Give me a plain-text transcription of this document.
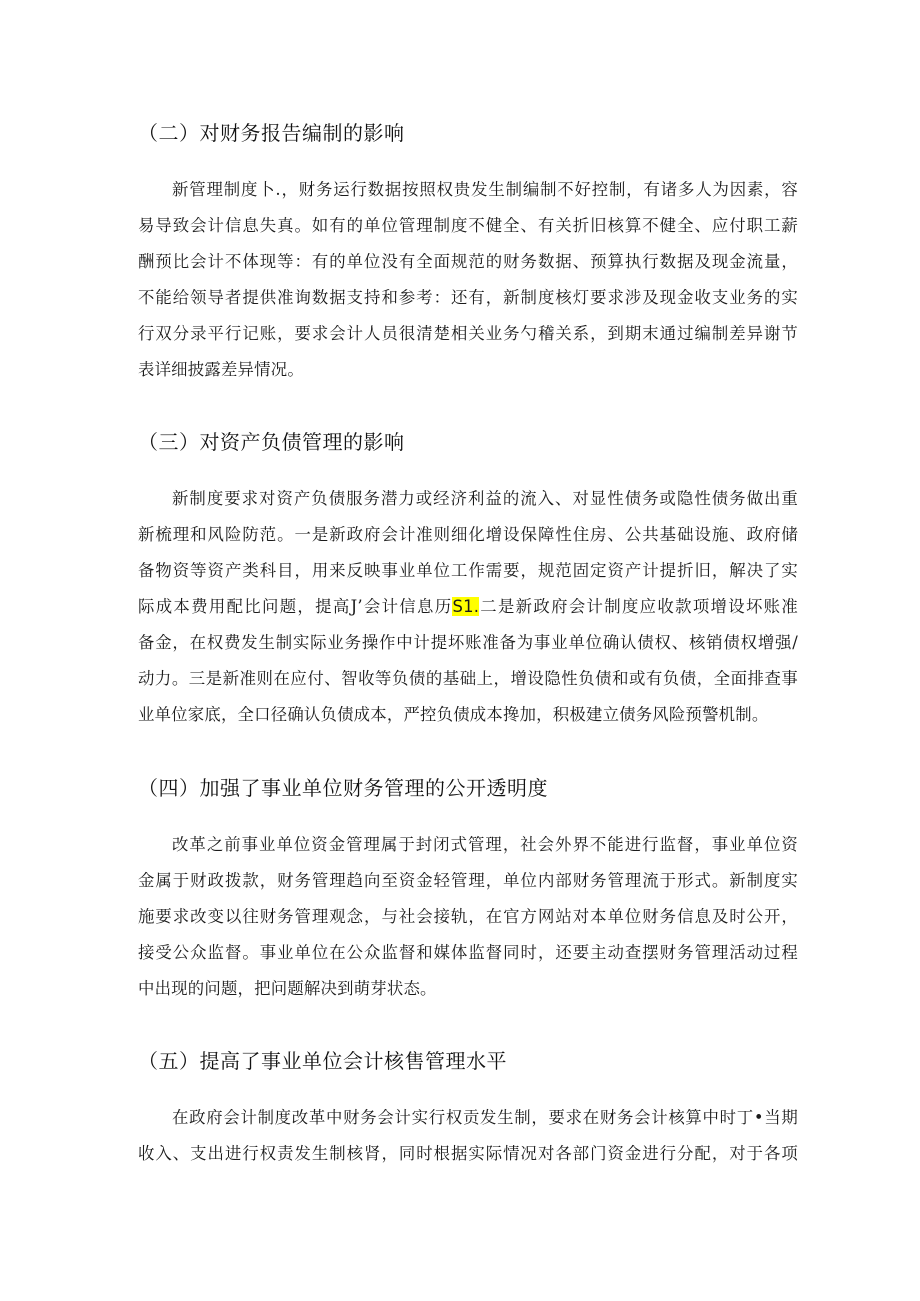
（二）对财务报告编制的影响
新管理制度卜.，财务运行数据按照权贵发生制编制不好控制，有诸多人为因素，容
易导致会计信息失真。如有的单位管理制度不健全、有关折旧核算不健全、应付职工薪
酬预比会计不体现等：有的单位没有全面规范的财务数据、预算执行数据及现金流量，
不能给领导者提供准询数据支持和参考：还有，新制度核灯要求涉及现金收支业务的实
行双分录平行记账，要求会计人员很清楚相关业务勺稽关系，到期末通过编制差异谢节
表详细披露差异情况。
（三）对资产负债管理的影响
新制度要求对资产负债服务潜力或经济利益的流入、对显性债务或隐性债务做出重
新梳理和风险防范。一是新政府会计准则细化增设保障性住房、公共基础设施、政府储
备物资等资产类科目，用来反映事业单位工作需要，规范固定资产计提折旧，解决了实
际成本费用配比问题，提高J’会计信息历S1.二是新政府会计制度应收款项增设坏账准
备金，在权费发生制实际业务操作中计提坏账准备为事业单位确认债权、核销债权增强/
动力。三是新准则在应付、智收等负债的基础上，增设隐性负债和或有负债，全面排查事
业单位家底，全口径确认负债成本，严控负债成本搀加，积极建立债务风险预警机制。
（四）加强了事业单位财务管理的公开透明度
改革之前事业单位资金管理属于封闭式管理，社会外界不能进行监督，事业单位资
金属于财政拨款，财务管理趋向至资金轻管理，单位内部财务管理流于形式。新制度实
施要求改变以往财务管理观念，与社会接轨，在官方网站对本单位财务信息及时公开，
接受公众监督。事业单位在公众监督和媒体监督同时，还要主动查摆财务管理活动过程
中出现的问题，把问题解决到萌芽状态。
（五）提高了事业单位会计核售管理水平
在政府会计制度改革中财务会计实行权贡发生制，要求在财务会计核算中时丁•当期
收入、支出进行权责发生制核肾，同时根据实际情况对各部门资金进行分配，对于各项
